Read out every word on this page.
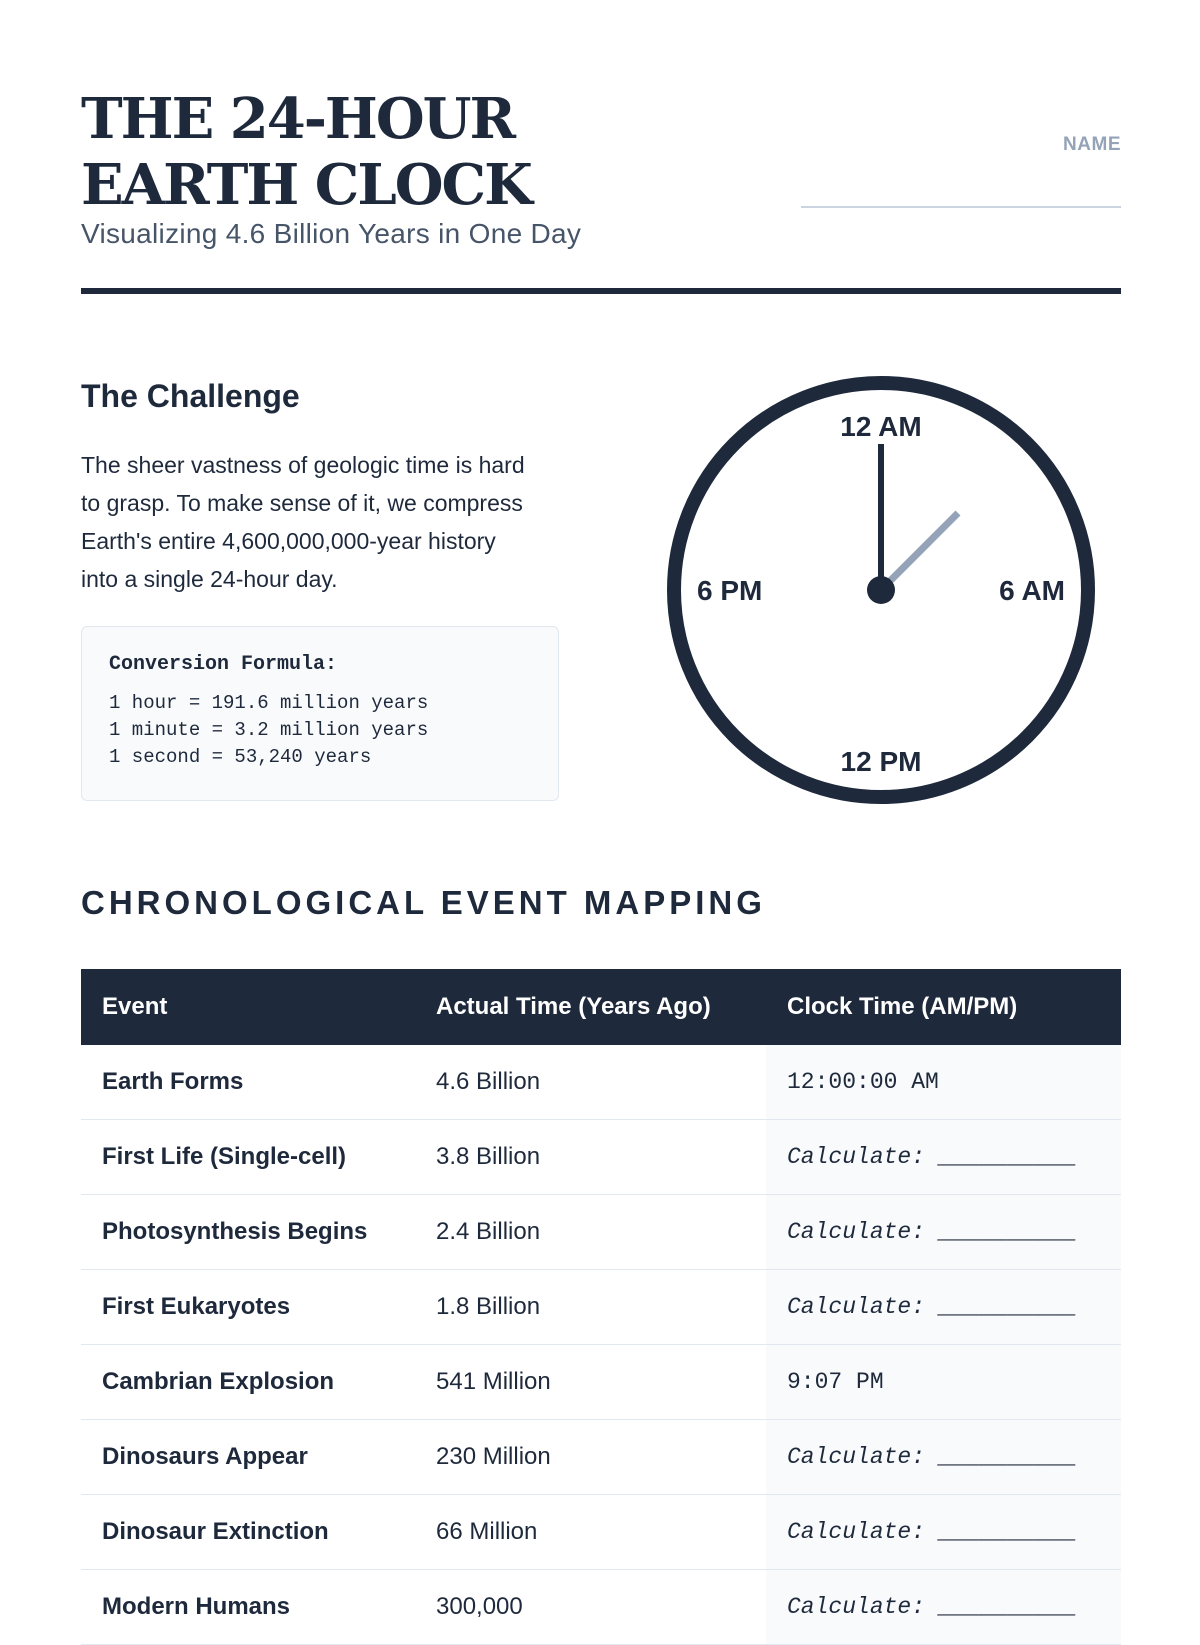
THE 24-HOUR EARTH CLOCK
Visualizing 4.6 Billion Years in One Day
NAME
The Challenge

The sheer vastness of geologic time is hard to grasp. To make sense of it, we compress Earth's entire 4,600,000,000-year history into a single 24-hour day.

Conversion Formula:
1 hour = 191.6 million years
1 minute = 3.2 million years
1 second = 53,240 years
12 AM
6 AM
12 PM
6 PM
CHRONOLOGICAL EVENT MAPPING
Event	Actual Time (Years Ago)	Clock Time (AM/PM)
Earth Forms	4.6 Billion	12:00:00 AM
First Life (Single-cell)	3.8 Billion	Calculate: __________
Photosynthesis Begins	2.4 Billion	Calculate: __________
First Eukaryotes	1.8 Billion	Calculate: __________
Cambrian Explosion	541 Million	9:07 PM
Dinosaurs Appear	230 Million	Calculate: __________
Dinosaur Extinction	66 Million	Calculate: __________
Modern Humans	300,000	Calculate: __________
